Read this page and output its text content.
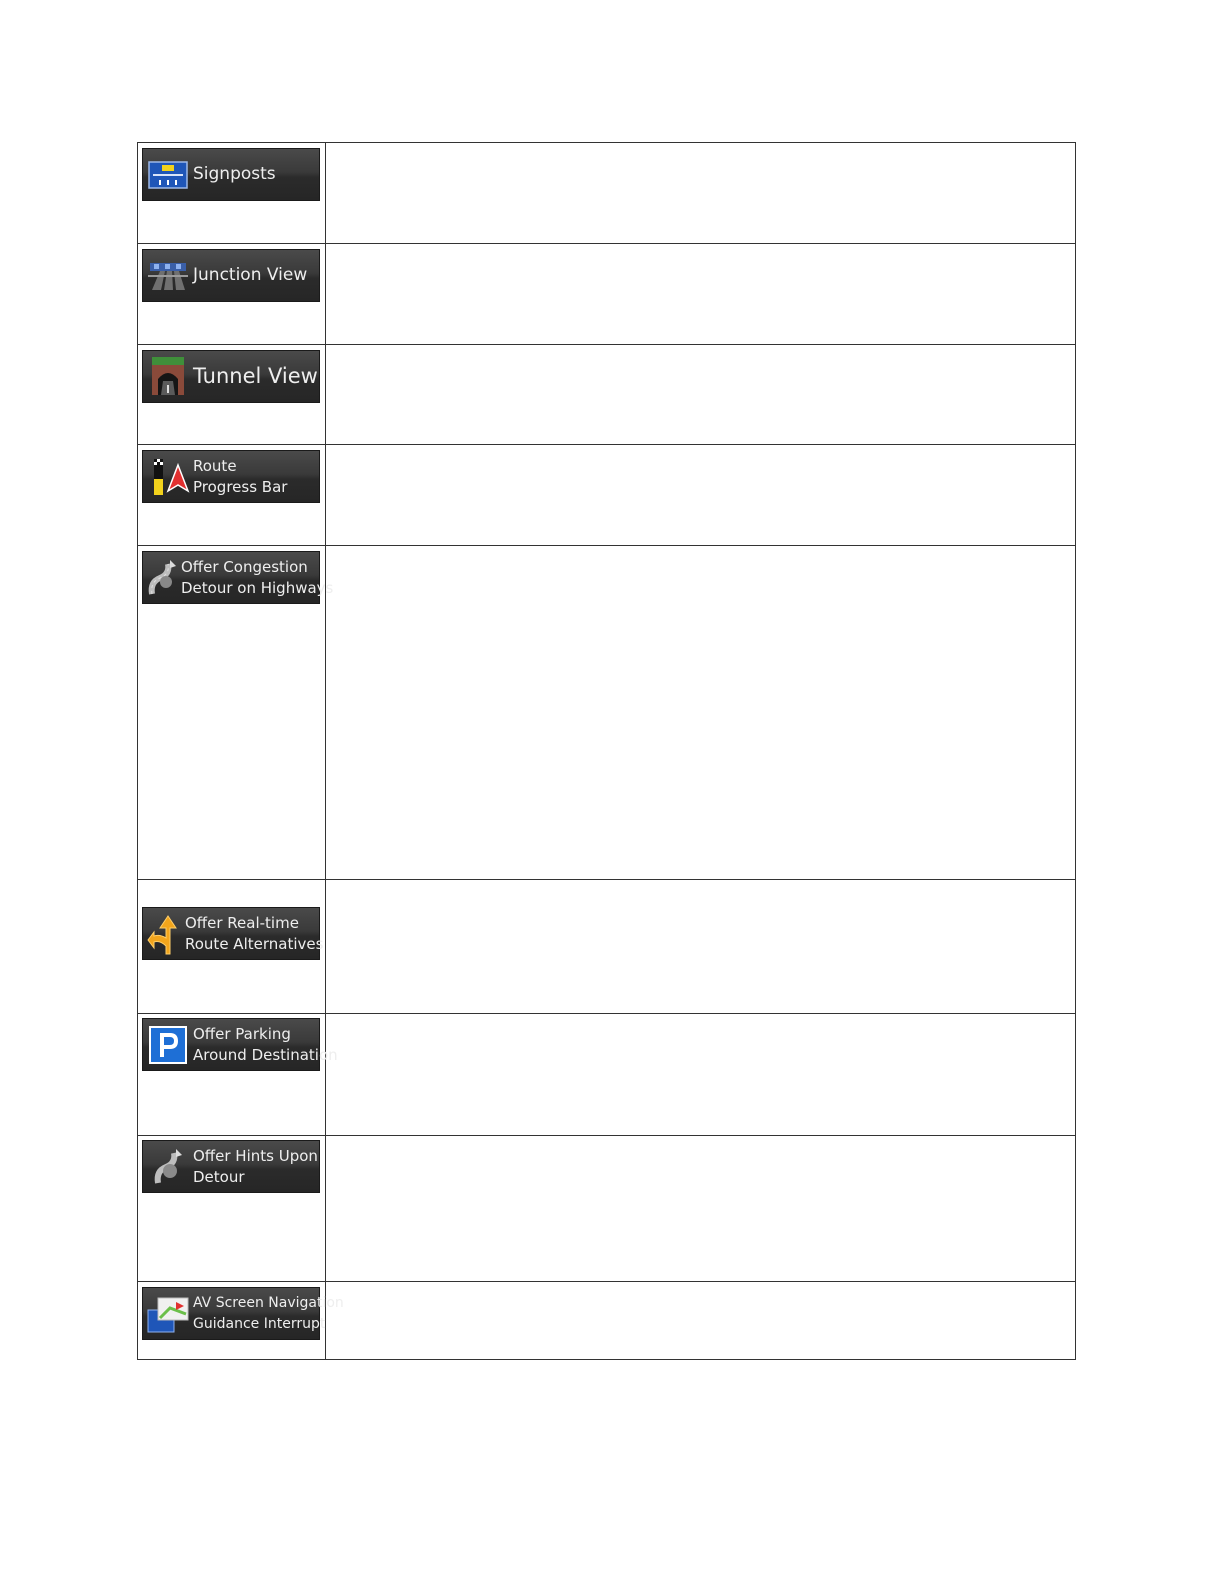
Signposts	

Junction View	

Tunnel View	

Route
Progress Bar	

Offer Congestion
Detour on Highways	

Offer Real-time
Route Alternatives	

Offer Parking
Around Destination	

Offer Hints Upon
Detour	

AV Screen Navigation
Guidance Interrupt	
